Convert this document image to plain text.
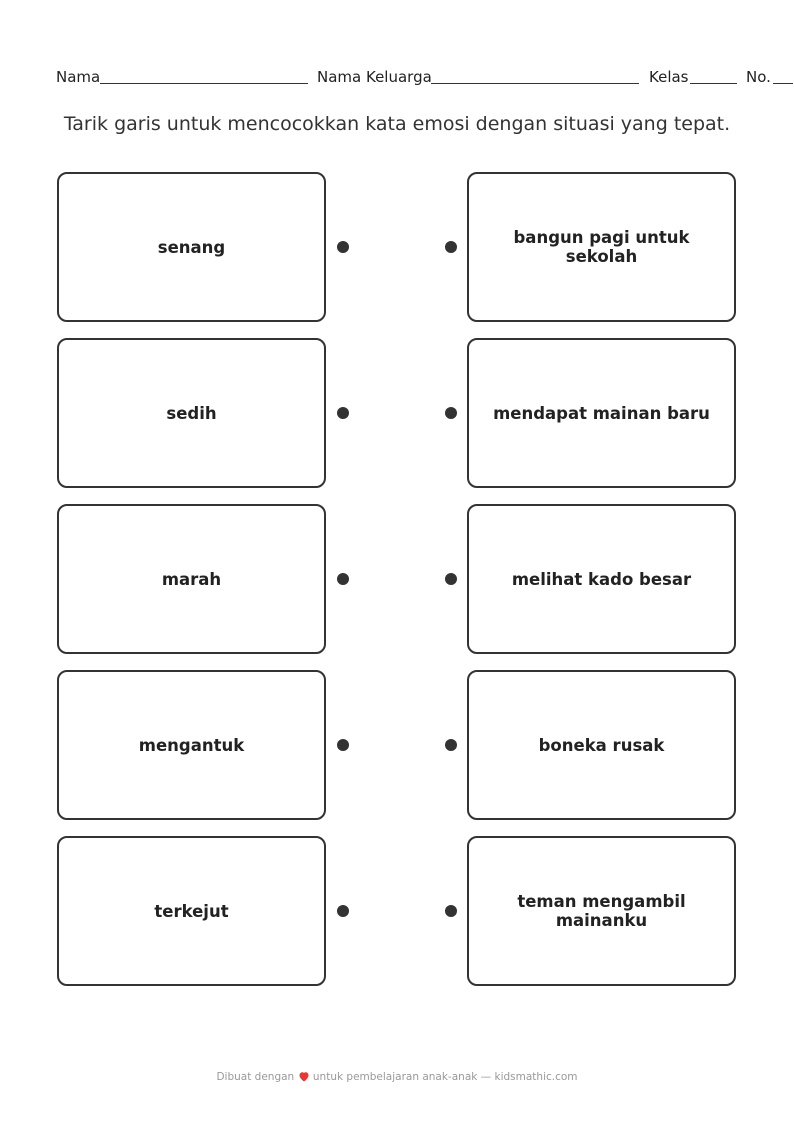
Nama	Nama Keluarga	Kelas	No.
Tarik garis untuk mencocokkan kata emosi dengan situasi yang tepat.
senang
sedih
marah
mengantuk
terkejut
bangun pagi untuk sekolah
mendapat mainan baru
melihat kado besar
boneka rusak
teman mengambil mainanku
Dibuat dengan untuk pembelajaran anak-anak — kidsmathic.com
